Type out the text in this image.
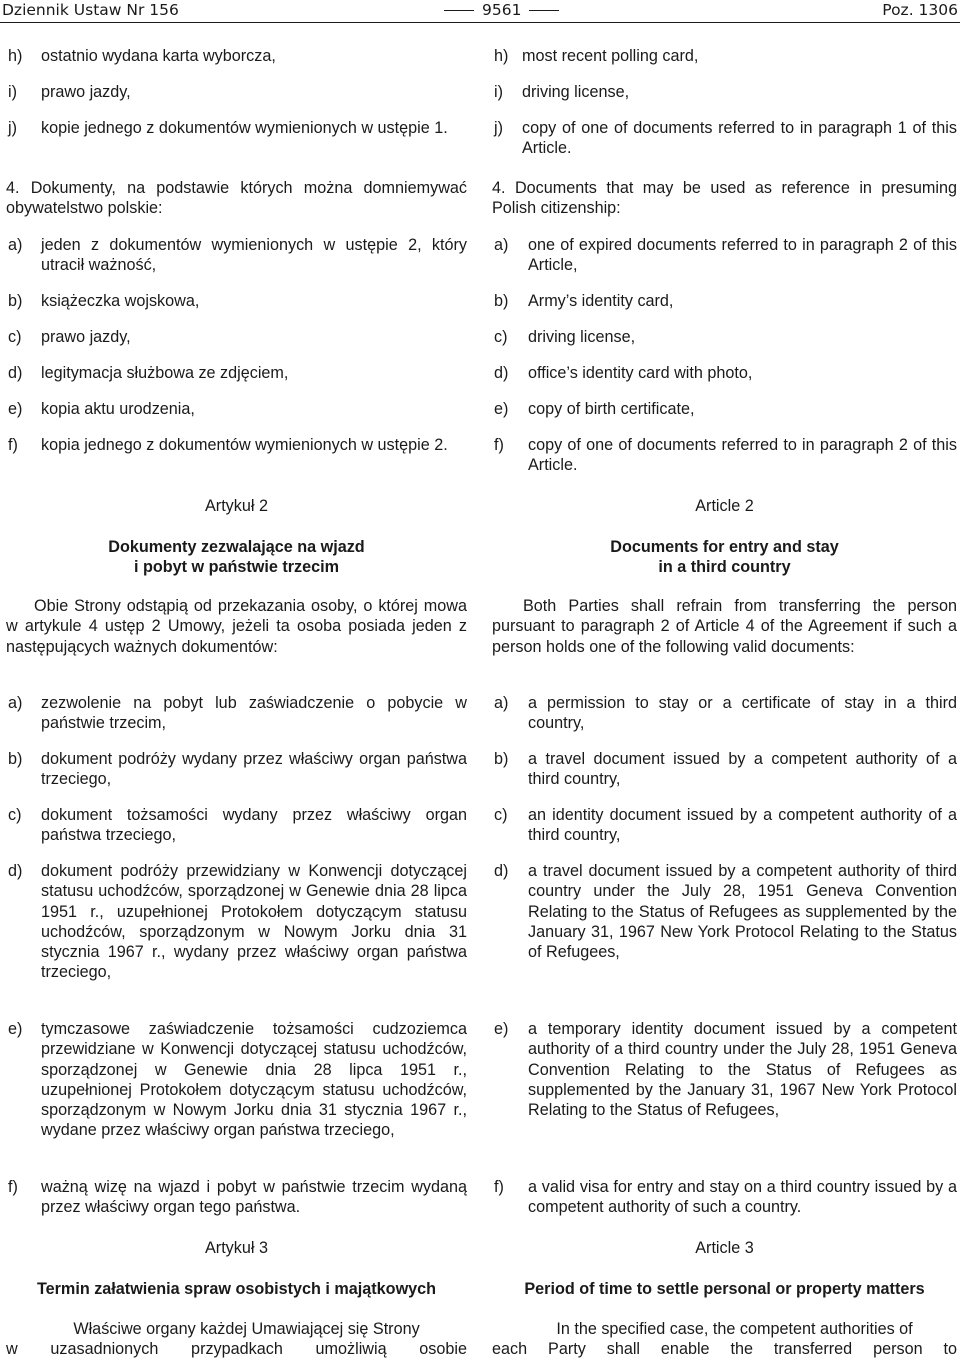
Dziennik Ustaw Nr 156	9561	Poz. 1306
h)	ostatnio wydana karta wyborcza,
i)	prawo jazdy,
j)	kopie jednego z dokumentów wymienionych w ustępie 1.

4. Dokumenty, na podstawie których można domniemywać obywatelstwo polskie:

a)	jeden z dokumentów wymienionych w ustępie 2, który utracił ważność,
b)	książeczka wojskowa,
c)	prawo jazdy,
d)	legitymacja służbowa ze zdjęciem,
e)	kopia aktu urodzenia,
f)	kopia jednego z dokumentów wymienionych w ustępie 2.

Artykuł 2

Dokumenty zezwalające na wjazd

i pobyt w państwie trzecim

Obie Strony odstąpią od przekazania osoby, o której mowa w artykule 4 ustęp 2 Umowy, jeżeli ta osoba posiada jeden z następujących ważnych dokumentów:

a)	zezwolenie na pobyt lub zaświadczenie o pobycie w państwie trzecim,
b)	dokument podróży wydany przez właściwy organ państwa trzeciego,
c)	dokument tożsamości wydany przez właściwy organ państwa trzeciego,
d)	dokument podróży przewidziany w Konwencji dotyczącej statusu uchodźców, sporządzonej w Genewie dnia 28 lipca 1951 r., uzupełnionej Protokołem dotyczącym statusu uchodźców, sporządzonym w Nowym Jorku dnia 31 stycznia 1967 r., wydany przez właściwy organ państwa trzeciego,
e)	tymczasowe zaświadczenie tożsamości cudzoziemca przewidziane w Konwencji dotyczącej statusu uchodźców, sporządzonej w Genewie dnia 28 lipca 1951 r., uzupełnionej Protokołem dotyczącym statusu uchodźców, sporządzonym w Nowym Jorku dnia 31 stycznia 1967 r., wydane przez właściwy organ państwa trzeciego,
f)	ważną wizę na wjazd i pobyt w państwie trzecim wydaną przez właściwy organ tego państwa.

Artykuł 3

Termin załatwienia spraw osobistych i majątkowych

Właściwe organy każdej Umawiającej się Strony

w uzasadnionych przypadkach umożliwią osobie

h) most recent polling card,
i)	driving license,
j)	copy of one of documents referred to in paragraph 1 of this Article.

4. Documents that may be used as reference in presuming Polish citizenship:

a)	one of expired documents referred to in paragraph 2 of this Article,
b)	Army’s identity card,
c)	driving license,
d)	office’s identity card with photo,
e)	copy of birth certificate,
f)	copy of one of documents referred to in paragraph 2 of this Article.

Article 2

Documents for entry and stay

in a third country

Both Parties shall refrain from transferring the person pursuant to paragraph 2 of Article 4 of the Agreement if such a person holds one of the following valid documents:

a)	a permission to stay or a certificate of stay in a third country,
b)	a travel document issued by a competent authority of a third country,
c)	an identity document issued by a competent authority of a third country,
d)	a travel document issued by a competent authority of third country under the July 28, 1951 Geneva Convention Relating to the Status of Refugees as supplemented by the January 31, 1967 New York Protocol Relating to the Status of Refugees,
e)	a temporary identity document issued by a competent authority of a third country under the July 28, 1951 Geneva Convention Relating to the Status of Refugees as supplemented by the January 31, 1967 New York Protocol Relating to the Status of Refugees,
f)	a valid visa for entry and stay on a third country issued by a competent authority of such a country.

Article 3

Period of time to settle personal or property matters

In the specified case, the competent authorities of

each Party shall enable the transferred person to
